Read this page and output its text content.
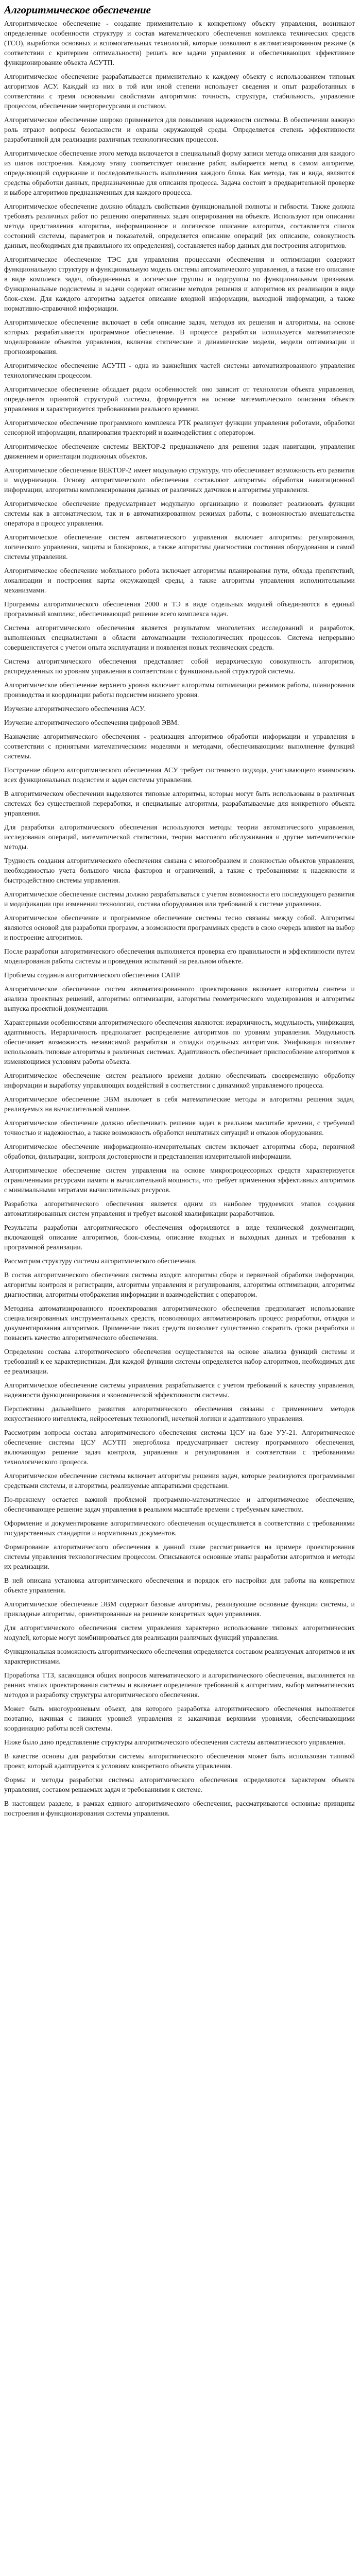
Алгоритмическое обеспечение

Алгоритмическое обеспечение - создание применительно к конкретному объекту управления, возникают определенные особенности структуру и состав математического обеспечения комплекса технических средств (ТСО), выработки основных и вспомогательных технологий, которые позволяют в автоматизированном режиме (в соответствии с критерием оптимальности) решать все задачи управления и обеспечивающих эффективное функционирование объекта АСУТП.

Алгоритмическое обеспечение разрабатывается применительно к каждому объекту с использованием типовых алгоритмов АСУ. Каждый из них в той или иной степени использует сведения и опыт разработанных в соответствии с тремя основными свойствами алгоритмов: точность, структура, стабильность, управление процессом, обеспечение энергоресурсами и составом.

Алгоритмическое обеспечение широко применяется для повышения надежности системы. В обеспечении важную роль играют вопросы безопасности и охраны окружающей среды. Определяется степень эффективности разработанной для реализации различных технологических процессов.

Алгоритмическое обеспечение этого метода включается в специальный форму записи метода описания для каждого из шагов построения. Каждому этапу соответствует описание работ, выбирается метод в самом алгоритме, определяющий содержание и последовательность выполнения каждого блока. Как метода, так и вида, являются средства обработки данных, предназначенные для описания процесса. Задача состоит в предварительной проверке и выборе алгоритмов предназначенных для каждого процесса.

Алгоритмическое обеспечение должно обладать свойствами функциональной полноты и гибкости. Также должна требовать различных работ по решению оперативных задач оперирования на объекте. Используют при описании метода представления алгоритма, информационное и логическое описание алгоритма, составляется список состояний системы, параметров и показателей, определяется описание операций (их описание, совокупность данных, необходимых для правильного их определения), составляется набор данных для построения алгоритмов.

Алгоритмическое обеспечение ТЭС для управления процессами обеспечения и оптимизации содержит функциональную структуру и функциональную модель системы автоматического управления, а также его описание в виде комплекса задач, объединенных в логические группы и подгруппы по функциональным признакам. Функциональные подсистемы и задачи содержат описание методов решения и алгоритмов их реализации в виде блок-схем. Для каждого алгоритма задается описание входной информации, выходной информации, а также нормативно-справочной информации.

Алгоритмическое обеспечение включает в себя описание задач, методов их решения и алгоритмы, на основе которых разрабатывается программное обеспечение. В процессе разработки используется математическое моделирование объектов управления, включая статические и динамические модели, модели оптимизации и прогнозирования.

Алгоритмическое обеспечение АСУТП - одна из важнейших частей системы автоматизированного управления технологическим процессом.

Алгоритмическое обеспечение обладает рядом особенностей: оно зависит от технологии объекта управления, определяется принятой структурой системы, формируется на основе математического описания объекта управления и характеризуется требованиями реального времени.

Алгоритмическое обеспечение программного комплекса РТК реализует функции управления роботами, обработки сенсорной информации, планирования траекторий и взаимодействия с оператором.

Алгоритмическое обеспечение системы ВЕКТОР-2 предназначено для решения задач навигации, управления движением и ориентации подвижных объектов.

Алгоритмическое обеспечение ВЕКТОР-2 имеет модульную структуру, что обеспечивает возможность его развития и модернизации. Основу алгоритмического обеспечения составляют алгоритмы обработки навигационной информации, алгоритмы комплексирования данных от различных датчиков и алгоритмы управления.

Алгоритмическое обеспечение предусматривает модульную организацию и позволяет реализовать функции системы как в автоматическом, так и в автоматизированном режимах работы, с возможностью вмешательства оператора в процесс управления.

Алгоритмическое обеспечение систем автоматического управления включает алгоритмы регулирования, логического управления, защиты и блокировок, а также алгоритмы диагностики состояния оборудования и самой системы управления.

Алгоритмическое обеспечение мобильного робота включает алгоритмы планирования пути, обхода препятствий, локализации и построения карты окружающей среды, а также алгоритмы управления исполнительными механизмами.

Программы алгоритмического обеспечения 2000 и ТЭ в виде отдельных модулей объединяются в единый программный комплекс, обеспечивающий решение всего комплекса задач.

Система алгоритмического обеспечения является результатом многолетних исследований и разработок, выполненных специалистами в области автоматизации технологических процессов. Система непрерывно совершенствуется с учетом опыта эксплуатации и появления новых технических средств.

Система алгоритмического обеспечения представляет собой иерархическую совокупность алгоритмов, распределенных по уровням управления в соответствии с функциональной структурой системы.

Алгоритмическое обеспечение верхнего уровня включает алгоритмы оптимизации режимов работы, планирования производства и координации работы подсистем нижнего уровня.

Изучение алгоритмического обеспечения АСУ.

Изучение алгоритмического обеспечения цифровой ЭВМ.

Назначение алгоритмического обеспечения - реализация алгоритмов обработки информации и управления в соответствии с принятыми математическими моделями и методами, обеспечивающими выполнение функций системы.

Построение общего алгоритмического обеспечения АСУ требует системного подхода, учитывающего взаимосвязь всех функциональных подсистем и задач системы управления.

В алгоритмическом обеспечении выделяются типовые алгоритмы, которые могут быть использованы в различных системах без существенной переработки, и специальные алгоритмы, разрабатываемые для конкретного объекта управления.

Для разработки алгоритмического обеспечения используются методы теории автоматического управления, исследования операций, математической статистики, теории массового обслуживания и другие математические методы.

Трудность создания алгоритмического обеспечения связана с многообразием и сложностью объектов управления, необходимостью учета большого числа факторов и ограничений, а также с требованиями к надежности и быстродействию системы управления.

Алгоритмическое обеспечение системы должно разрабатываться с учетом возможности его последующего развития и модификации при изменении технологии, состава оборудования или требований к системе управления.

Алгоритмическое обеспечение и программное обеспечение системы тесно связаны между собой. Алгоритмы являются основой для разработки программ, а возможности программных средств в свою очередь влияют на выбор и построение алгоритмов.

После разработки алгоритмического обеспечения выполняется проверка его правильности и эффективности путем моделирования работы системы и проведения испытаний на реальном объекте.

Проблемы создания алгоритмического обеспечения САПР.

Алгоритмическое обеспечение систем автоматизированного проектирования включает алгоритмы синтеза и анализа проектных решений, алгоритмы оптимизации, алгоритмы геометрического моделирования и алгоритмы выпуска проектной документации.

Характерными особенностями алгоритмического обеспечения являются: иерархичность, модульность, унификация, адаптивность. Иерархичность предполагает распределение алгоритмов по уровням управления. Модульность обеспечивает возможность независимой разработки и отладки отдельных алгоритмов. Унификация позволяет использовать типовые алгоритмы в различных системах. Адаптивность обеспечивает приспособление алгоритмов к изменяющимся условиям работы объекта.

Алгоритмическое обеспечение систем реального времени должно обеспечивать своевременную обработку информации и выработку управляющих воздействий в соответствии с динамикой управляемого процесса.

Алгоритмическое обеспечение ЭВМ включает в себя математические методы и алгоритмы решения задач, реализуемых на вычислительной машине.

Алгоритмическое обеспечение должно обеспечивать решение задач в реальном масштабе времени, с требуемой точностью и надежностью, а также возможность обработки нештатных ситуаций и отказов оборудования.

Алгоритмическое обеспечение информационно-измерительных систем включает алгоритмы сбора, первичной обработки, фильтрации, контроля достоверности и представления измерительной информации.

Алгоритмическое обеспечение систем управления на основе микропроцессорных средств характеризуется ограниченными ресурсами памяти и вычислительной мощности, что требует применения эффективных алгоритмов с минимальными затратами вычислительных ресурсов.

Разработка алгоритмического обеспечения является одним из наиболее трудоемких этапов создания автоматизированных систем управления и требует высокой квалификации разработчиков.

Результаты разработки алгоритмического обеспечения оформляются в виде технической документации, включающей описание алгоритмов, блок-схемы, описание входных и выходных данных и требования к программной реализации.

Рассмотрим структуру системы алгоритмического обеспечения.

В состав алгоритмического обеспечения системы входят: алгоритмы сбора и первичной обработки информации, алгоритмы контроля и регистрации, алгоритмы управления и регулирования, алгоритмы оптимизации, алгоритмы диагностики, алгоритмы отображения информации и взаимодействия с оператором.

Методика автоматизированного проектирования алгоритмического обеспечения предполагает использование специализированных инструментальных средств, позволяющих автоматизировать процесс разработки, отладки и документирования алгоритмов. Применение таких средств позволяет существенно сократить сроки разработки и повысить качество алгоритмического обеспечения.

Определение состава алгоритмического обеспечения осуществляется на основе анализа функций системы и требований к ее характеристикам. Для каждой функции системы определяется набор алгоритмов, необходимых для ее реализации.

Алгоритмическое обеспечение системы управления разрабатывается с учетом требований к качеству управления, надежности функционирования и экономической эффективности системы.

Перспективы дальнейшего развития алгоритмического обеспечения связаны с применением методов искусственного интеллекта, нейросетевых технологий, нечеткой логики и адаптивного управления.

Рассмотрим вопросы состава алгоритмического обеспечения системы ЦСУ на базе УУ-21. Алгоритмическое обеспечение системы ЦСУ АСУТП энергоблока предусматривает систему программного обеспечения, включающую решение задач контроля, управления и регулирования в соответствии с требованиями технологического процесса.

Алгоритмическое обеспечение системы включает алгоритмы решения задач, которые реализуются программными средствами системы, и алгоритмы, реализуемые аппаратными средствами.

По-прежнему остается важной проблемой программно-математическое и алгоритмическое обеспечение, обеспечивающее решение задач управления в реальном масштабе времени с требуемым качеством.

Оформление и документирование алгоритмического обеспечения осуществляется в соответствии с требованиями государственных стандартов и нормативных документов.

Формирование алгоритмического обеспечения в данной главе рассматривается на примере проектирования системы управления технологическим процессом. Описываются основные этапы разработки алгоритмов и методы их реализации.

В ней описана установка алгоритмического обеспечения и порядок его настройки для работы на конкретном объекте управления.

Алгоритмическое обеспечение ЭВМ содержит базовые алгоритмы, реализующие основные функции системы, и прикладные алгоритмы, ориентированные на решение конкретных задач управления.

Для алгоритмического обеспечения систем управления характерно использование типовых алгоритмических модулей, которые могут комбинироваться для реализации различных функций управления.

Функциональная возможность алгоритмического обеспечения определяется составом реализуемых алгоритмов и их характеристиками.

Проработка ТТЗ, касающаяся общих вопросов математического и алгоритмического обеспечения, выполняется на ранних этапах проектирования системы и включает определение требований к алгоритмам, выбор математических методов и разработку структуры алгоритмического обеспечения.

Может быть многоуровневым объект, для которого разработка алгоритмического обеспечения выполняется поэтапно, начиная с нижних уровней управления и заканчивая верхними уровнями, обеспечивающими координацию работы всей системы.

Ниже было дано представление структуры алгоритмического обеспечения системы автоматического управления.

В качестве основы для разработки системы алгоритмического обеспечения может быть использован типовой проект, который адаптируется к условиям конкретного объекта управления.

Формы и методы разработки системы алгоритмического обеспечения определяются характером объекта управления, составом решаемых задач и требованиями к системе.

В настоящем разделе, в рамках единого алгоритмического обеспечения, рассматриваются основные принципы построения и функционирования системы управления.
